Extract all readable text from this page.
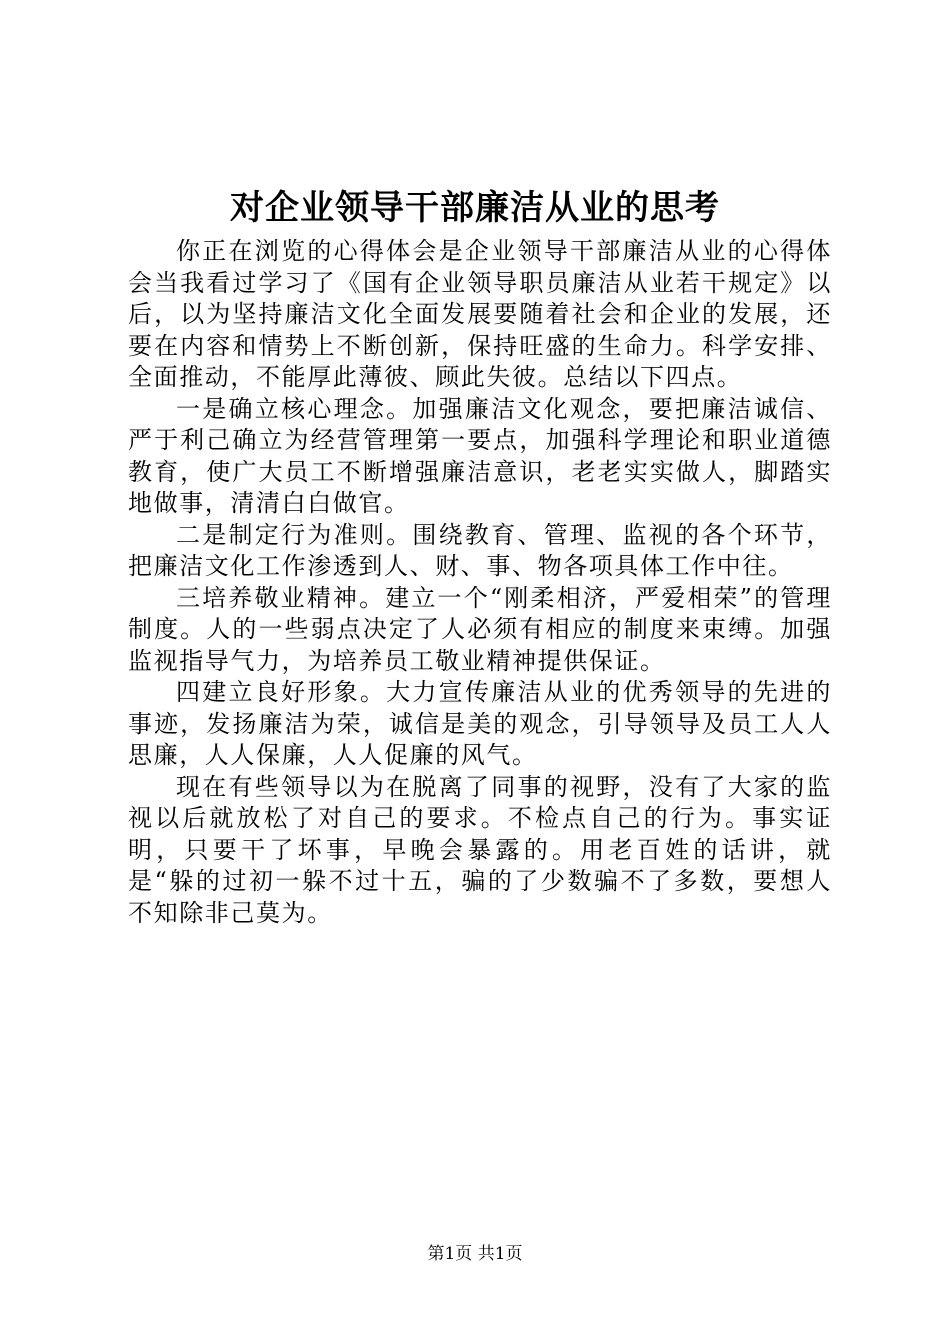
对企业领导干部廉洁从业的思考

你正在浏览的心得体会是企业领导干部廉洁从业的心得体会当我看过学习了《国有企业领导职员廉洁从业若干规定》以后，以为坚持廉洁文化全面发展要随着社会和企业的发展，还要在内容和情势上不断创新，保持旺盛的生命力。科学安排、全面推动，不能厚此薄彼、顾此失彼。总结以下四点。

一是确立核心理念。加强廉洁文化观念，要把廉洁诚信、严于利己确立为经营管理第一要点，加强科学理论和职业道德教育，使广大员工不断增强廉洁意识，老老实实做人，脚踏实地做事，清清白白做官。

二是制定行为准则。围绕教育、管理、监视的各个环节，把廉洁文化工作渗透到人、财、事、物各项具体工作中往。

三培养敬业精神。建立一个“刚柔相济，严爱相荣”的管理制度。人的一些弱点决定了人必须有相应的制度来束缚。加强监视指导气力，为培养员工敬业精神提供保证。

四建立良好形象。大力宣传廉洁从业的优秀领导的先进的事迹，发扬廉洁为荣，诚信是美的观念，引导领导及员工人人思廉，人人保廉，人人促廉的风气。

现在有些领导以为在脱离了同事的视野，没有了大家的监视以后就放松了对自己的要求。不检点自己的行为。事实证明，只要干了坏事，早晚会暴露的。用老百姓的话讲，就是“躲的过初一躲不过十五，骗的了少数骗不了多数，要想人不知除非己莫为。

第1页 共1页
